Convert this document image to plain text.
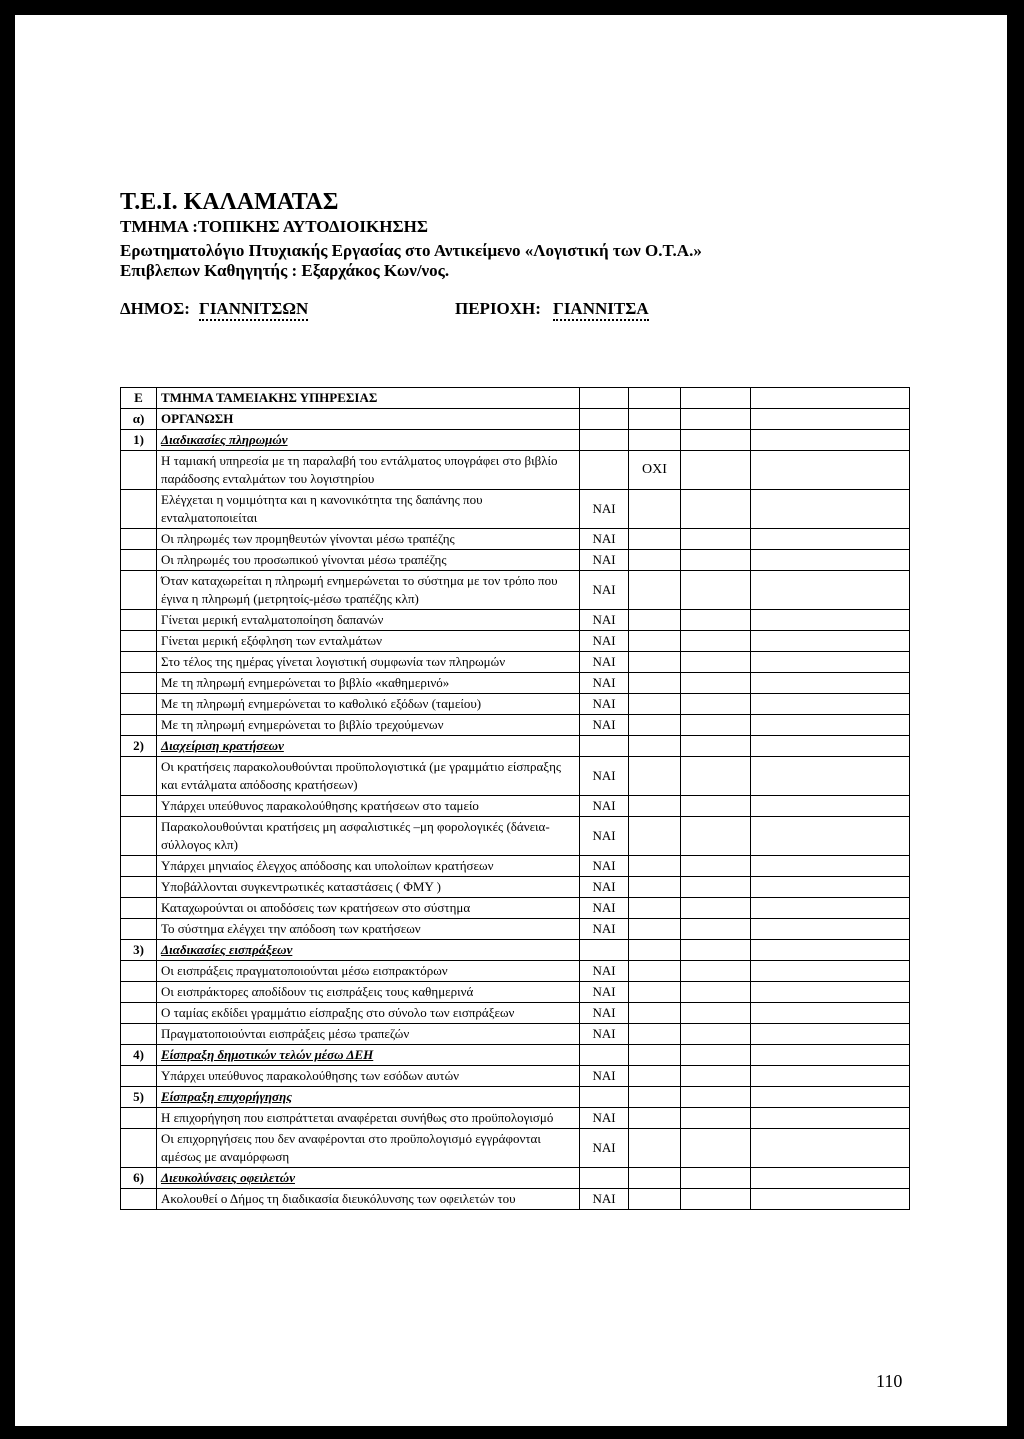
Τ.Ε.Ι. ΚΑΛΑΜΑΤΑΣ

ΤΜΗΜΑ :ΤΟΠΙΚΗΣ ΑΥΤΟΔΙΟΙΚΗΣΗΣ

Ερωτηματολόγιο Πτυχιακής Εργασίας στο Αντικείμενο «Λογιστική των Ο.Τ.Α.»

Επιβλεπων Καθηγητής : Εξαρχάκος Κων/νος.

ΔΗΜΟΣ: ΓΙΑΝΝΙΤΣΩΝ	ΠΕΡΙΟΧΗ: ΓΙΑΝΝΙΤΣΑ
Ε	ΤΜΗΜΑ ΤΑΜΕΙΑΚΗΣ ΥΠΗΡΕΣΙΑΣ				
α)	ΟΡΓΑΝΩΣΗ				
1)	Διαδικασίες πληρωμών				
	Η ταμιακή υπηρεσία με τη παραλαβή του εντάλματος υπογράφει στο βιβλίο παράδοσης ενταλμάτων του λογιστηρίου		ΟΧΙ		
	Ελέγχεται η νομιμότητα και η κανονικότητα της δαπάνης που ενταλματοποιείται	ΝΑΙ			
	Οι πληρωμές των προμηθευτών γίνονται μέσω τραπέζης	ΝΑΙ			
	Οι πληρωμές του προσωπικού γίνονται μέσω τραπέζης	ΝΑΙ			
	Όταν καταχωρείται η πληρωμή ενημερώνεται το σύστημα με τον τρόπο που έγινα η πληρωμή (μετρητοίς-μέσω τραπέζης κλπ)	ΝΑΙ			
	Γίνεται μερική ενταλματοποίηση δαπανών	ΝΑΙ			
	Γίνεται μερική εξόφληση των ενταλμάτων	ΝΑΙ			
	Στο τέλος της ημέρας γίνεται λογιστική συμφωνία των πληρωμών	ΝΑΙ			
	Με τη πληρωμή ενημερώνεται το βιβλίο «καθημερινό»	ΝΑΙ			
	Με τη πληρωμή ενημερώνεται το καθολικό εξόδων (ταμείου)	ΝΑΙ			
	Με τη πληρωμή ενημερώνεται το βιβλίο τρεχούμενων	ΝΑΙ			
2)	Διαχείριση κρατήσεων				
	Οι κρατήσεις παρακολουθούνται προϋπολογιστικά (με γραμμάτιο είσπραξης και εντάλματα απόδοσης κρατήσεων)	ΝΑΙ			
	Υπάρχει υπεύθυνος παρακολούθησης κρατήσεων στο ταμείο	ΝΑΙ			
	Παρακολουθούνται κρατήσεις μη ασφαλιστικές –μη φορολογικές (δάνεια-σύλλογος κλπ)	ΝΑΙ			
	Υπάρχει μηνιαίος έλεγχος απόδοσης και υπολοίπων κρατήσεων	ΝΑΙ			
	Υποβάλλονται συγκεντρωτικές καταστάσεις ( ΦΜΥ )	ΝΑΙ			
	Καταχωρούνται οι αποδόσεις των κρατήσεων στο σύστημα	ΝΑΙ			
	Το σύστημα ελέγχει την απόδοση των κρατήσεων	ΝΑΙ			
3)	Διαδικασίες εισπράξεων				
	Οι εισπράξεις πραγματοποιούνται μέσω εισπρακτόρων	ΝΑΙ			
	Οι εισπράκτορες αποδίδουν τις εισπράξεις τους καθημερινά	ΝΑΙ			
	Ο ταμίας εκδίδει γραμμάτιο είσπραξης στο σύνολο των εισπράξεων	ΝΑΙ			
	Πραγματοποιούνται εισπράξεις μέσω τραπεζών	ΝΑΙ			
4)	Είσπραξη δημοτικών τελών μέσω ΔΕΗ				
	Υπάρχει υπεύθυνος παρακολούθησης των εσόδων αυτών	ΝΑΙ			
5)	Είσπραξη επιχορήγησης				
	Η επιχορήγηση που εισπράττεται αναφέρεται συνήθως στο προϋπολογισμό	ΝΑΙ			
	Οι επιχορηγήσεις που δεν αναφέρονται στο προϋπολογισμό εγγράφονται αμέσως με αναμόρφωση	ΝΑΙ			
6)	Διευκολύνσεις οφειλετών				
	Ακολουθεί ο Δήμος τη διαδικασία διευκόλυνσης των οφειλετών του	ΝΑΙ			
110
